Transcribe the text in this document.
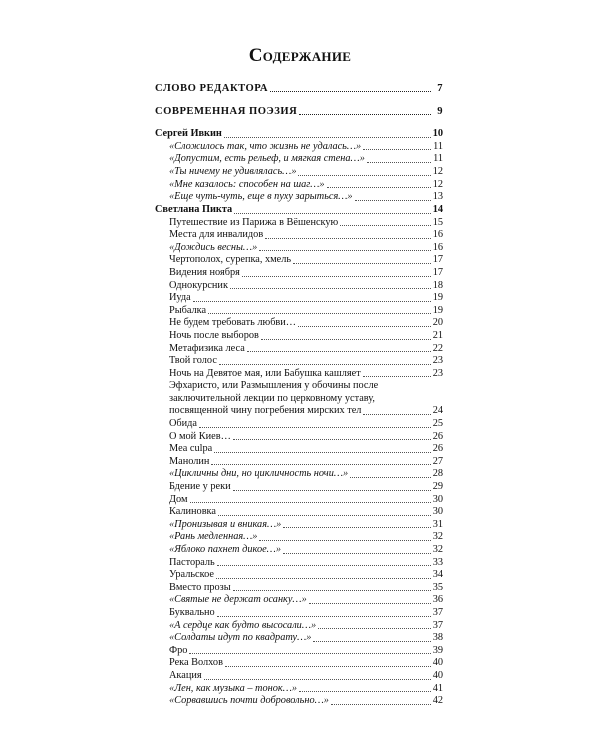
Содержание
СЛОВО РЕДАКТОРА	7
СОВРЕМЕННАЯ ПОЭЗИЯ	9
Сергей Ивкин	10
«Сложилось так, что жизнь не удалась…»	11
«Допустим, есть рельеф, и мягкая стена…»	11
«Ты ничему не удивлялась…»	12
«Мне казалось: способен на шаг…»	12
«Еще чуть-чуть, еще в пуху зарыться…»	13
Светлана Пикта	14
Путешествие из Парижа в Вёшенскую	15
Места для инвалидов	16
«Дождись весны…»	16
Чертополох, сурепка, хмель	17
Видения ноября	17
Однокурсник	18
Иуда	19
Рыбалка	19
Не будем требовать любви…	20
Ночь после выборов	21
Метафизика леса	22
Твой голос	23
Ночь на Девятое мая, или Бабушка кашляет	23
Эфхаристо, или Размышления у обочины после
заключительной лекции по церковному уставу,
посвященной чину погребения мирских тел	24
Обида	25
О мой Киев…	26
Mea culpa	26
Манолин	27
«Цикличны дни, но цикличность ночи…»	28
Бдение у реки	29
Дом	30
Калиновка	30
«Пронизывая и вникая…»	31
«Рань медленная…»	32
«Яблоко пахнет дикое…»	32
Пастораль	33
Уральское	34
Вместо прозы	35
«Святые не держат осанку…»	36
Буквально	37
«А сердце как будто высосали…»	37
«Солдаты идут по квадрату…»	38
Фро	39
Река Волхов	40
Акация	40
«Лен, как музыка – тонок…»	41
«Сорвавшись почти добровольно…»	42
